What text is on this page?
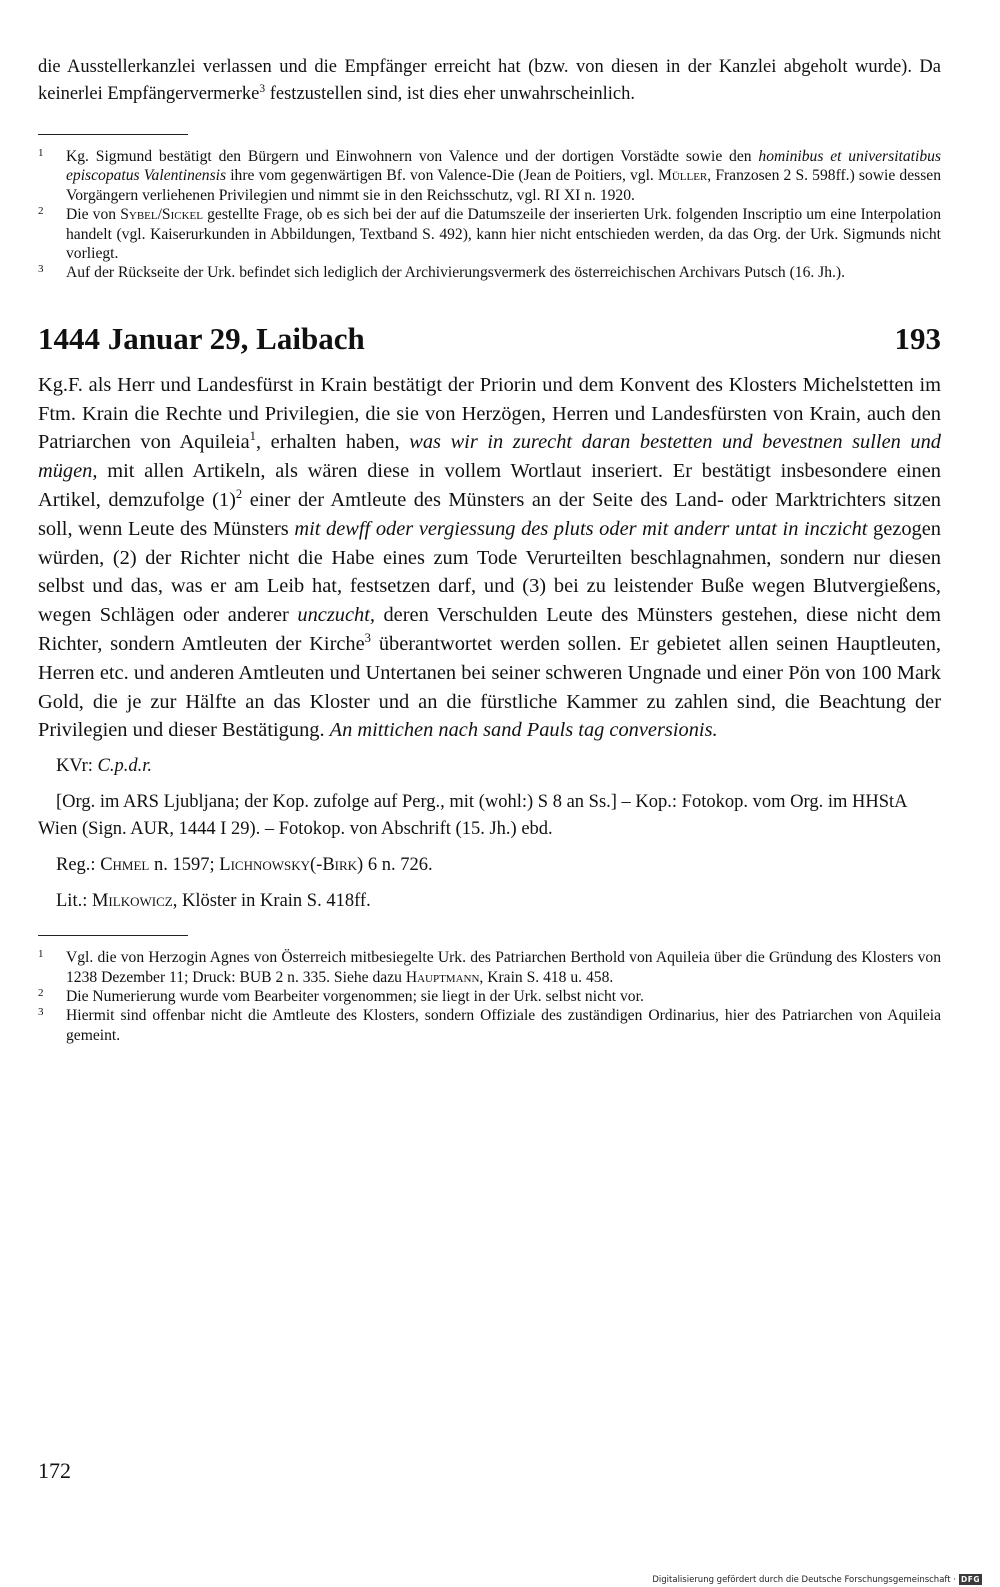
die Ausstellerkanzlei verlassen und die Empfänger erreicht hat (bzw. von diesen in der Kanzlei abgeholt wurde). Da keinerlei Empfängervermerke$^3$ festzustellen sind, ist dies eher unwahrscheinlich.

1	Kg. Sigmund bestätigt den Bürgern und Einwohnern von Valence und der dortigen Vorstädte sowie den hominibus et universitatibus episcopatus Valentinensis ihre vom gegenwärtigen Bf. von Valence-Die (Jean de Poitiers, vgl. Müller, Franzosen 2 S. 598ff.) sowie dessen Vorgängern verliehenen Privilegien und nimmt sie in den Reichsschutz, vgl. RI XI n. 1920.
2	Die von Sybel/Sickel gestellte Frage, ob es sich bei der auf die Datumszeile der inserierten Urk. folgenden Inscriptio um eine Interpolation handelt (vgl. Kaiserurkunden in Abbildungen, Textband S. 492), kann hier nicht entschieden werden, da das Org. der Urk. Sigmunds nicht vorliegt.
3	Auf der Rückseite der Urk. befindet sich lediglich der Archivierungsvermerk des österreichischen Archivars Putsch (16. Jh.).
1444 Januar 29, Laibach	193

Kg.F. als Herr und Landesfürst in Krain bestätigt der Priorin und dem Konvent des Klosters Michelstetten im Ftm. Krain die Rechte und Privilegien, die sie von Herzögen, Herren und Landesfürsten von Krain, auch den Patriarchen von Aquileia$^1$, erhalten haben, was wir in zurecht daran bestetten und bevestnen sullen und mügen, mit allen Artikeln, als wären diese in vollem Wortlaut inseriert. Er bestätigt insbesondere einen Artikel, demzufolge $(1)^2$ einer der Amtleute des Münsters an der Seite des Land- oder Marktrichters sitzen soll, wenn Leute des Münsters mit dewff oder vergiessung des pluts oder mit anderr untat in inczicht gezogen würden, (2) der Richter nicht die Habe eines zum Tode Verurteilten beschlagnahmen, sondern nur diesen selbst und das, was er am Leib hat, festsetzen darf, und (3) bei zu leistender Buße wegen Blutvergießens, wegen Schlägen oder anderer unczucht, deren Verschulden Leute des Münsters gestehen, diese nicht dem Richter, sondern Amtleuten der Kirche$^3$ überantwortet werden sollen. Er gebietet allen seinen Hauptleuten, Herren etc. und anderen Amtleuten und Untertanen bei seiner schweren Ungnade und einer Pön von 100 Mark Gold, die je zur Hälfte an das Kloster und an die fürstliche Kammer zu zahlen sind, die Beachtung der Privilegien und dieser Bestätigung. An mittichen nach sand Pauls tag conversionis.

KVr: C.p.d.r.

[Org. im ARS Ljubljana; der Kop. zufolge auf Perg., mit (wohl:) S 8 an Ss.] – Kop.: Fotokop. vom Org. im HHStA Wien (Sign. AUR, 1444 I 29). – Fotokop. von Abschrift (15. Jh.) ebd.

Reg.: Chmel n. 1597; Lichnowsky(-Birk) 6 n. 726.

Lit.: Milkowicz, Klöster in Krain S. 418ff.

1	Vgl. die von Herzogin Agnes von Österreich mitbesiegelte Urk. des Patriarchen Berthold von Aquileia über die Gründung des Klosters von 1238 Dezember 11; Druck: BUB 2 n. 335. Siehe dazu Hauptmann, Krain S. 418 u. 458.
2	Die Numerierung wurde vom Bearbeiter vorgenommen; sie liegt in der Urk. selbst nicht vor.
3	Hiermit sind offenbar nicht die Amtleute des Klosters, sondern Offiziale des zuständigen Ordinarius, hier des Patriarchen von Aquileia gemeint.
172
Digitalisierung gefördert durch die Deutsche Forschungsgemeinschaft · DFG
